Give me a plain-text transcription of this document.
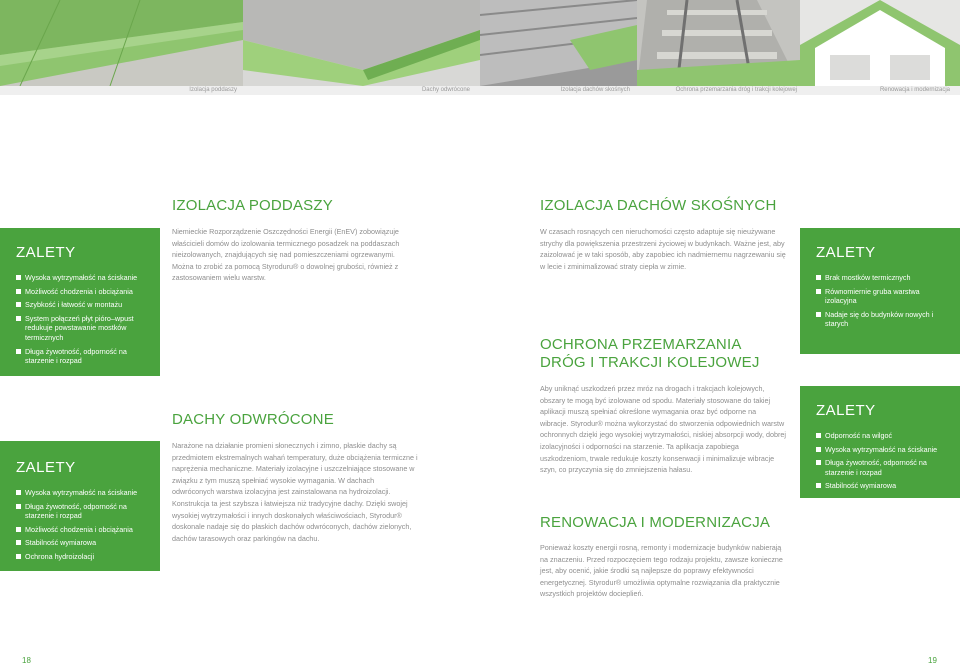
Izolacja poddaszy	Dachy odwrócone	Izolacja dachów skośnych	Ochrona przemarzania dróg i trakcji kolejowej	Renowacja i modernizacja
ZALETY
Wysoka wytrzymałość na ściskanie
Możliwość chodzenia i obciążania
Szybkość i łatwość w montażu
System połączeń płyt pióro–wpust redukuje powstawanie mostków termicznych
Długa żywotność, odporność na starzenie i rozpad
ZALETY
Wysoka wytrzymałość na ściskanie
Długa żywotność, odporność na starzenie i rozpad
Możliwość chodzenia i obciążania
Stabilność wymiarowa
Ochrona hydroizolacji
IZOLACJA PODDASZY

Niemieckie Rozporządzenie Oszczędności Energii (EnEV) zobowiązuje właścicieli domów do izolowania termicznego posadzek na poddaszach nieizolowanych, znajdujących się nad pomieszczeniami ogrzewanymi. Można to zrobić za pomocą Styroduru® o dowolnej grubości, również z zastosowaniem wielu warstw.

DACHY ODWRÓCONE

Narażone na działanie promieni słonecznych i zimno, płaskie dachy są przedmiotem ekstremalnych wahań temperatury, duże obciążenia termiczne i naprężenia mechaniczne. Materiały izolacyjne i uszczelniające stosowane w związku z tym muszą spełniać wysokie wymagania. W dachach odwróconych warstwa izolacyjna jest zainstalowana na hydroizolacji. Konstrukcja ta jest szybsza i łatwiejsza niż tradycyjne dachy. Dzięki swojej wysokiej wytrzymałości i innych doskonałych właściwościach, Styrodur® doskonale nadaje się do płaskich dachów odwróconych, dachów zielonych, dachów tarasowych oraz parkingów na dachu.

IZOLACJA DACHÓW SKOŚNYCH

W czasach rosnących cen nieruchomości często adaptuje się nieużywane strychy dla powiększenia przestrzeni życiowej w budynkach. Ważne jest, aby zaizolować je w taki sposób, aby zapobiec ich nadmiernemu nagrzewaniu się w lecie i zminimalizować straty ciepła w zimie.

OCHRONA PRZEMARZANIA DRÓG I TRAKCJI KOLEJOWEJ

Aby uniknąć uszkodzeń przez mróz na drogach i trakcjach kolejowych, obszary te mogą być izolowane od spodu. Materiały stosowane do takiej aplikacji muszą spełniać określone wymagania oraz być odporne na wibracje. Styrodur® można wykorzystać do stworzenia odpowiednich warstw ochronnych dzięki jego wysokiej wytrzymałości, niskiej absorpcji wody, dobrej izolacyjności i odporności na starzenie. Ta aplikacja zapobiega uszkodzeniom, trwale redukuje koszty konserwacji i minimalizuje wibracje szyn, co przyczynia się do zmniejszenia hałasu.

RENOWACJA I MODERNIZACJA

Ponieważ koszty energii rosną, remonty i modernizacje budynków nabierają na znaczeniu. Przed rozpoczęciem tego rodzaju projektu, zawsze konieczne jest, aby ocenić, jakie środki są najlepsze do poprawy efektywności energetycznej. Styrodur® umożliwia optymalne rozwiązania dla praktycznie wszystkich projektów docieplień.

ZALETY
Brak mostków termicznych
Równomiernie gruba warstwa izolacyjna
Nadaje się do budynków nowych i starych
ZALETY
Odporność na wilgoć
Wysoka wytrzymałość na ściskanie
Długa żywotność, odporność na starzenie i rozpad
Stabilność wymiarowa
18	19
